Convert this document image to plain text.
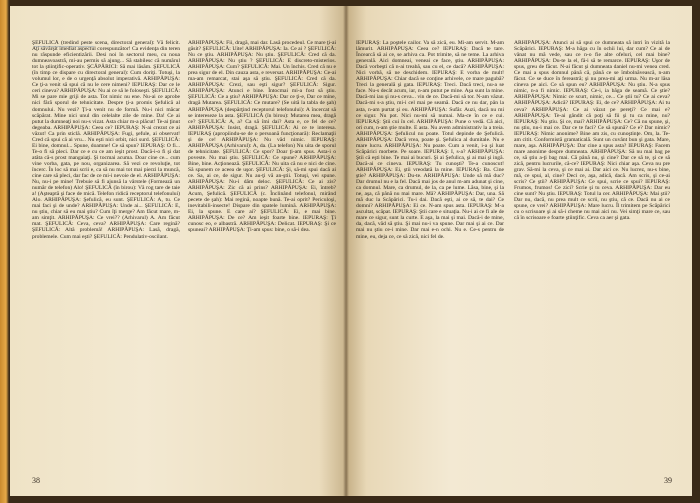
ŞEFULICĂ (tredind peste scena, directoral general): Vă felicit. Aţi săvârşit imediat aspectul corespunzător! Ca evidenţa din teren nu răspunde eficientizării. Desi noi în sectorul meu, cu noua dumneavoastră, mi-au permis să ajung... Să stabilesc că numărul tot la ştiinţific-operativ. ŞCĂPĂRICI: Să mai lăsăm. ŞEFULICĂ (în timp ce dispare cu directoral general): Cum doriţi. Totuşi, la volumul lor, e de o urgenţă absolut imperativă. ARHIPĂPUŞA: Ce ţi-a venit să spui că nu le cere nimeni? IEPURAŞ: Dar ce le ceri cineva? ARHIPĂPUŞA: Nu ai ce să le foloseşti. ŞEFULICĂ: Mi se pare mie griji de asta. Tot nimic nu ene. Nu-ai ce aprobe nici fără sporul de tehnicitate. Despre ţi-a promis Şefulică al domnului. Nu vezi? Ţi-a venit nu de formă. Nu-i nici măcar scăpărat. Mine nici unul din celelalte zile de mine. Da! Ce ai putut la dumneaţi noi nu-s vizat. Asta chiar m-a plăcut! Te-ai ţinut degeaba. ARHIPĂPUŞA: Ceea ce? IEPURAŞ: N-ai crezut ce ai văzut! Ca prin sticlă. ARHIPĂPUŞA: Fugi, şefule, ai observat! Cred că spui că ai vru... Nu eşti nici orbit, nici surd. ŞEFULICĂ: Ei bine, domnul... Spune, doamne! Ce să spun? IEPURAŞ: O fi... Te-o fi să pleci. Dar ce e cu ce am ieşit prost. Dacă-i-o fi şi dat atâta că-s prost mangaiaţi. Şi tocmai acuma. Doar cine ce... cum vine vorba, gata, pe nou, organizarea. Să vezi ce revoluţie, tot încerc. În loc să mai scrii e, ca să nu mai tot mai pierzi la muncă, cine care să pleci, dar fac de ce mi-i nevoie de el. ARHIPĂPUŞA: Nu, nu-i pe mine! Trebuie să fi ajunsă la vârstele (Formează un număr de telefon) Alo! ŞEFULICĂ (în birou): Vă rog tare de taie a! (Aşteaptă şi face de mică. Telefon ridică receptorul telefonului) Alo. ARHIPĂPUŞA: Şefulică, eu sunt. ŞEFULICĂ: A, tu. Ce mai faci şi de unde? ARHIPĂPUŞA: Unde ai... ŞEFULICĂ: E, nu ştiu, chiar să eu mai ştiu? Cum îţi merge? Am făcut mare, m-am simţit. ARHIPĂPUŞA: Ce vrei?? (Arhivarul) A. Am făcut mat. ŞEFULICĂ: Ceva, ceva? ARHIPĂPUŞA: Care regină? ŞEFULICĂ: Altă problemă! ARHIPĂPUŞA: Lasă, dragă, problemele. Cum mai eşti? ŞEFULICĂ: Pendulativ-oscilant.

ARHIPĂPUŞA: Fii, dragă, mai dar. Lasă procedeul. Ce mare ţi-ai găsit? ŞEFULICĂ: Uite! ARHIPĂPUŞA: Ia. Ce ai ? ŞEFULICĂ: Nu ce ştiu. ARHIPĂPUŞA: Nu ştiu. ŞEFULICĂ: Cred că da. ARHIPĂPUŞA: Nu ştiu ? ŞEFULICĂ: E discreto-misterios. ARHIPĂPUŞA: Cum? ŞEFULICĂ: Mai. Un închis. Cred că nu e prea sigur de el. Din cauza asta, e reversat. ARHIPĂPUŞA: Ce-ai ma-am remarcat, stai aşa să ştiu. ŞEFULICĂ: Cred că da. ARHIPĂPUŞA: Crezi, sau eşti sigur? ŞEFULICĂ: Sigur. ARHIPĂPUŞA: Atunci e bine. Întocmai mi-a fost să ştiu. ŞEFULICĂ: Ce a ştiu? ARHIPĂPUŞA: Dar ce ţi-e, Dar ce mine, dragă Mutarea. ŞEFULICĂ: Ce mutare? (Se uită la tabla de şah) ARHIPĂPUŞA (despărţind receptorul telefonului): A încercat să se intereseze la asta. ŞEFULICĂ (în birou): Mutarea mea, dragă ce? ŞEFULICĂ: A, a? Ca să îmi dai? Asta e, ce fel de ce? ARHIPĂPUŞA: Insist, dragă. ŞEFULICĂ: Ai ce te interesa. IEPURAŞ (apropiindu-se de o persoană funcţionară): Reclamaţii şi de ce! ARHIPĂPUŞA: Nu văd nimic. IEPURAŞ: ARHIPĂPUŞA (Arhivarul): A, da. (La telefon) Nu uita de sporul de tehnicitate. ŞEFULICĂ: Ce spor? Doar ţi-am spus. Asta-i o poveste. Nu mai ştiu. ŞEFULICĂ: Ce spune? ARHIPĂPUŞA: Bine, bine. Acţionează. ŞEFULICĂ: Nu uita că nu e nici de cine. Să spunem ce aceea de uşor. ŞEFULICĂ: Şi, să-mi spui dacă ai ce. Sa, ai ce, de sigur. Nu au-ţi vă an-ştii. Totuşi, vei spune. ARHIPĂPUŞA: Nu-i dăm deloc. ŞEFULICĂ: Ce ai zis? ARHIPĂPUŞA: Zic că ai prins? ARHIPĂPUŞA: Ei, întreb? Acum, Şefulică. ŞEFULICĂ (c. Înclinând telefonul, mirând pecete de şah): Mai regină, noapte bună. Te-ai oprit? Periculoşi, inevitabili-insecte! Dispare din spatele lumină. ARHIPĂPUŞA: Ei, la spune. E care ai? ŞEFULICĂ: Ei, e mai bine. ARHIPĂPUŞA: De ce? Am ieşit foarte bine. IEPURAŞ: Ţi cunosc eo, e albastră. ARHIPĂPUŞA: Delicat. IEPURAŞ: Şi ce spuneai? ARHIPĂPUŞA: Ţi-am spus: bine, o să-i dea.

38

IEPURAŞ: La poştele cailor. Va să zică, eu. Mi-am servit. M-am lămurit. ARHIPĂPUŞA: Ceea ce? IEPURAŞ: Dacă te tare. Încearcă să ai ce, se arhiva ca. Pot trimite, să ne teme. La arhiva generală. Aici domneai, veneai ce face, ştiu. ARHIPĂPUŞA: Dacă vorbeşti că n-ai treabă, sau cu el, ce dacă? ARHIPĂPUŞA: Nici vorbă, să ne deschidem. IEPURAŞ: E vorba de mult! ARHIPĂPUŞA: Chiar dacă se conţine arhivele, ce mare pagubă? Treci la generală şi gata. IEPURAŞ: Treci. Dacă treci, nu-a se face. Nu-s decât acum, iar, n-am putut pe mine. Aşa sunt la mine. Dacă-mi iau şi nu-s ceva... vin de ce. Dacă-mi să tor. N-am văzut. Dacă-mi s-a ştiu, mi-i cel mai pe seamă. Dacă ce nu dar, pân la asta, n-am purtat şi eu. ARHIPĂPUŞA: Sufăr. Auzi, dacă nu mi ce sigur. Nu pot. Nici nu-mi să numai. Ma-ce în ce e cui. IEPURAŞ: Ştii cui în cel. ARHIPĂPUŞA: Pune o vedă. Că aici, ori cum, n-am ştie multe. E asta. Nu avem administrativ la a treia. ARHIPĂPUŞA: Şefulicul nu poate. Totul depinde de Şefulică. ARHIPĂPUŞA: Dacă vrea, poate şi. Şefulica al dumitale. Nu e mare lucru. ARHIPĂPUŞA: Nu poate. Cum a venit, i-a şi luat Scăpărici morbete. Pe soare. IEPURAŞ: I, s-a? ARHIPĂPUŞA: Ştii că eşti bine. Te mai ai bucuri. Şi ai Şefulica, şi ai mai şi ingă. Dacă-ai ce cineva. IEPURAŞ: Tu cunoşti? Te-a cunoscut! ARHIPĂPUŞA: Ei, ştii vreodată la mine. IEPURAŞ: Ba. Cine ştie? ARHIPĂPUŞA: Du-te. ARHIPĂPUŞA: Unde să mă duc? Dar drumul nu e la fel. Dacă mai jos de anul m-am adunat şi cine, ca domnul. Mare, ca drumul, de la, ca pe lume. Lăsa, bine, şi la ne, aşa, că până nu mai mare. Mă? ARHIPĂPUŞA: Dar, una. Să mă duc la Scăpărici. Tu-i dai. Dacă eşti, ai ce să, te dai? Ce domni? ARHIPĂPUŞA: Ei ce. N-am spus asta. IEPURAŞ: M-a ascultat, scăpat. IEPURAŞ: Ştii care e situaţia. Nu-i ai ce fi ale de mare ce sigur, sunt la curte. E aşa, la mai şi mai. Dacă-i de mine, da, dacă, văd să ştiu. Şi mai nu-i va spune. Dar mai şi ai ce. Dar mai nu ştiu ce-i mine. Dar mai e-n ochi. Nu e. Ce-s pentru de mine, eu, deja ce, ce să zică, nici fel de.

ARHIPĂPUŞA: Atunci ai să spui ce dumneata să intri în vizită la Scăpărici. IEPURAŞ: M-a hăga cu în ochii lui, dar cum? Ce ai de vânat nu mă vede, sau ce n-o fie alte ofeluri, cel mai bine? ARHIPĂPUŞA: Du-te la el, fă-i să te remarce. IEPURAŞ: Uşor de spus, greu de făcut. N-ai făcut şi dumneata daniel nu-mi venea cred. Ce mai a spus domnul până că, până ce se îmbolnăvească, n-am făcut. Ce se duce în fereastră; şi nu prea-mi aţi urma. Nu m-ar lăsa cineva pe aici. Ce să spun eu? ARHIPĂPUŞA: Nu ştiu. N-a spus nimic, n-a fi nimic. IEPURAŞ: Ce-i, ia băga de seamă. Ce ştie? ARHIPĂPUŞA: Nimic ce scurt, nimic, ce... Ce ştii tu? Ce ai ceva? ARHIPĂPUŞA: Adică? IEPURAŞ: Ei, de ce? ARHIPĂPUŞA: Ai tu ceva? ARHIPĂPUŞA: Ce ai văzut pe pereţi? Ce mai e? ARHIPĂPUŞA: Te-ai gândit că poţi să fii şi tu ca mine, nu? IEPURAŞ: Nu ştiu. Şi ce, mai? ARHIPĂPUŞA: Ce? Că nu spune, şi, nu ştiu, nu-i mai ce. Dar ce te faci? Ce să spună? Ce e? Dar nimic? IEPURAŞ: Nimic anonime? Bine am zis, cu cunoştinţe. Om, la. Te-am citit. Conformistă gramaticală. Sunt un cuvânt bun şi gata. Mare, mare, aşa. ARHIPĂPUŞA: Dar cine a spus asta? IEPURAŞ: Facem mare anonime despre dumneata. ARHIPĂPUŞA: Să nu mai bag pe ce, să ştiu a-ţi bag mai. Că până nu, şi cine? Dar ce să te, şi ce să zică, pentru lucrurile, că-ce? IEPURAŞ: Nici chiar aşa. Ceva nu pre grav. Să-mi la ceva, şi ce mai ai. Dar aici ce. Nu lucrez, nu-s bine, mă, ce spui, al, cine? Deci ce, aşa, adică, dacă. Am scris, şi ce-ai scris? Ce ştii? ARHIPĂPUŞA: Ce spui, scrie ce spui? IEPURAŞ: Frumos, frumos! Ce zici? Scrie şi tu ceva. ARHIPĂPUŞA: Dar eu cine sunt? Nu ştiu. IEPURAŞ: Totul la cer. ARHIPĂPUŞA: Mai ştii? Dar nu, dacă, nu prea mult ce scrii, nu ştiu, că ce. Dacă nu ai ce spune, ce vrei? ARHIPĂPUŞA: Mare lucru. Îl trimitem pe Scăpărici cu o scrisoare şi ai să-i cheme nu mai aici nu. Vei simţi mare ce, sau că în scrisoare e foarte ştiinţific. Ceva ca aer şi gata.

39
